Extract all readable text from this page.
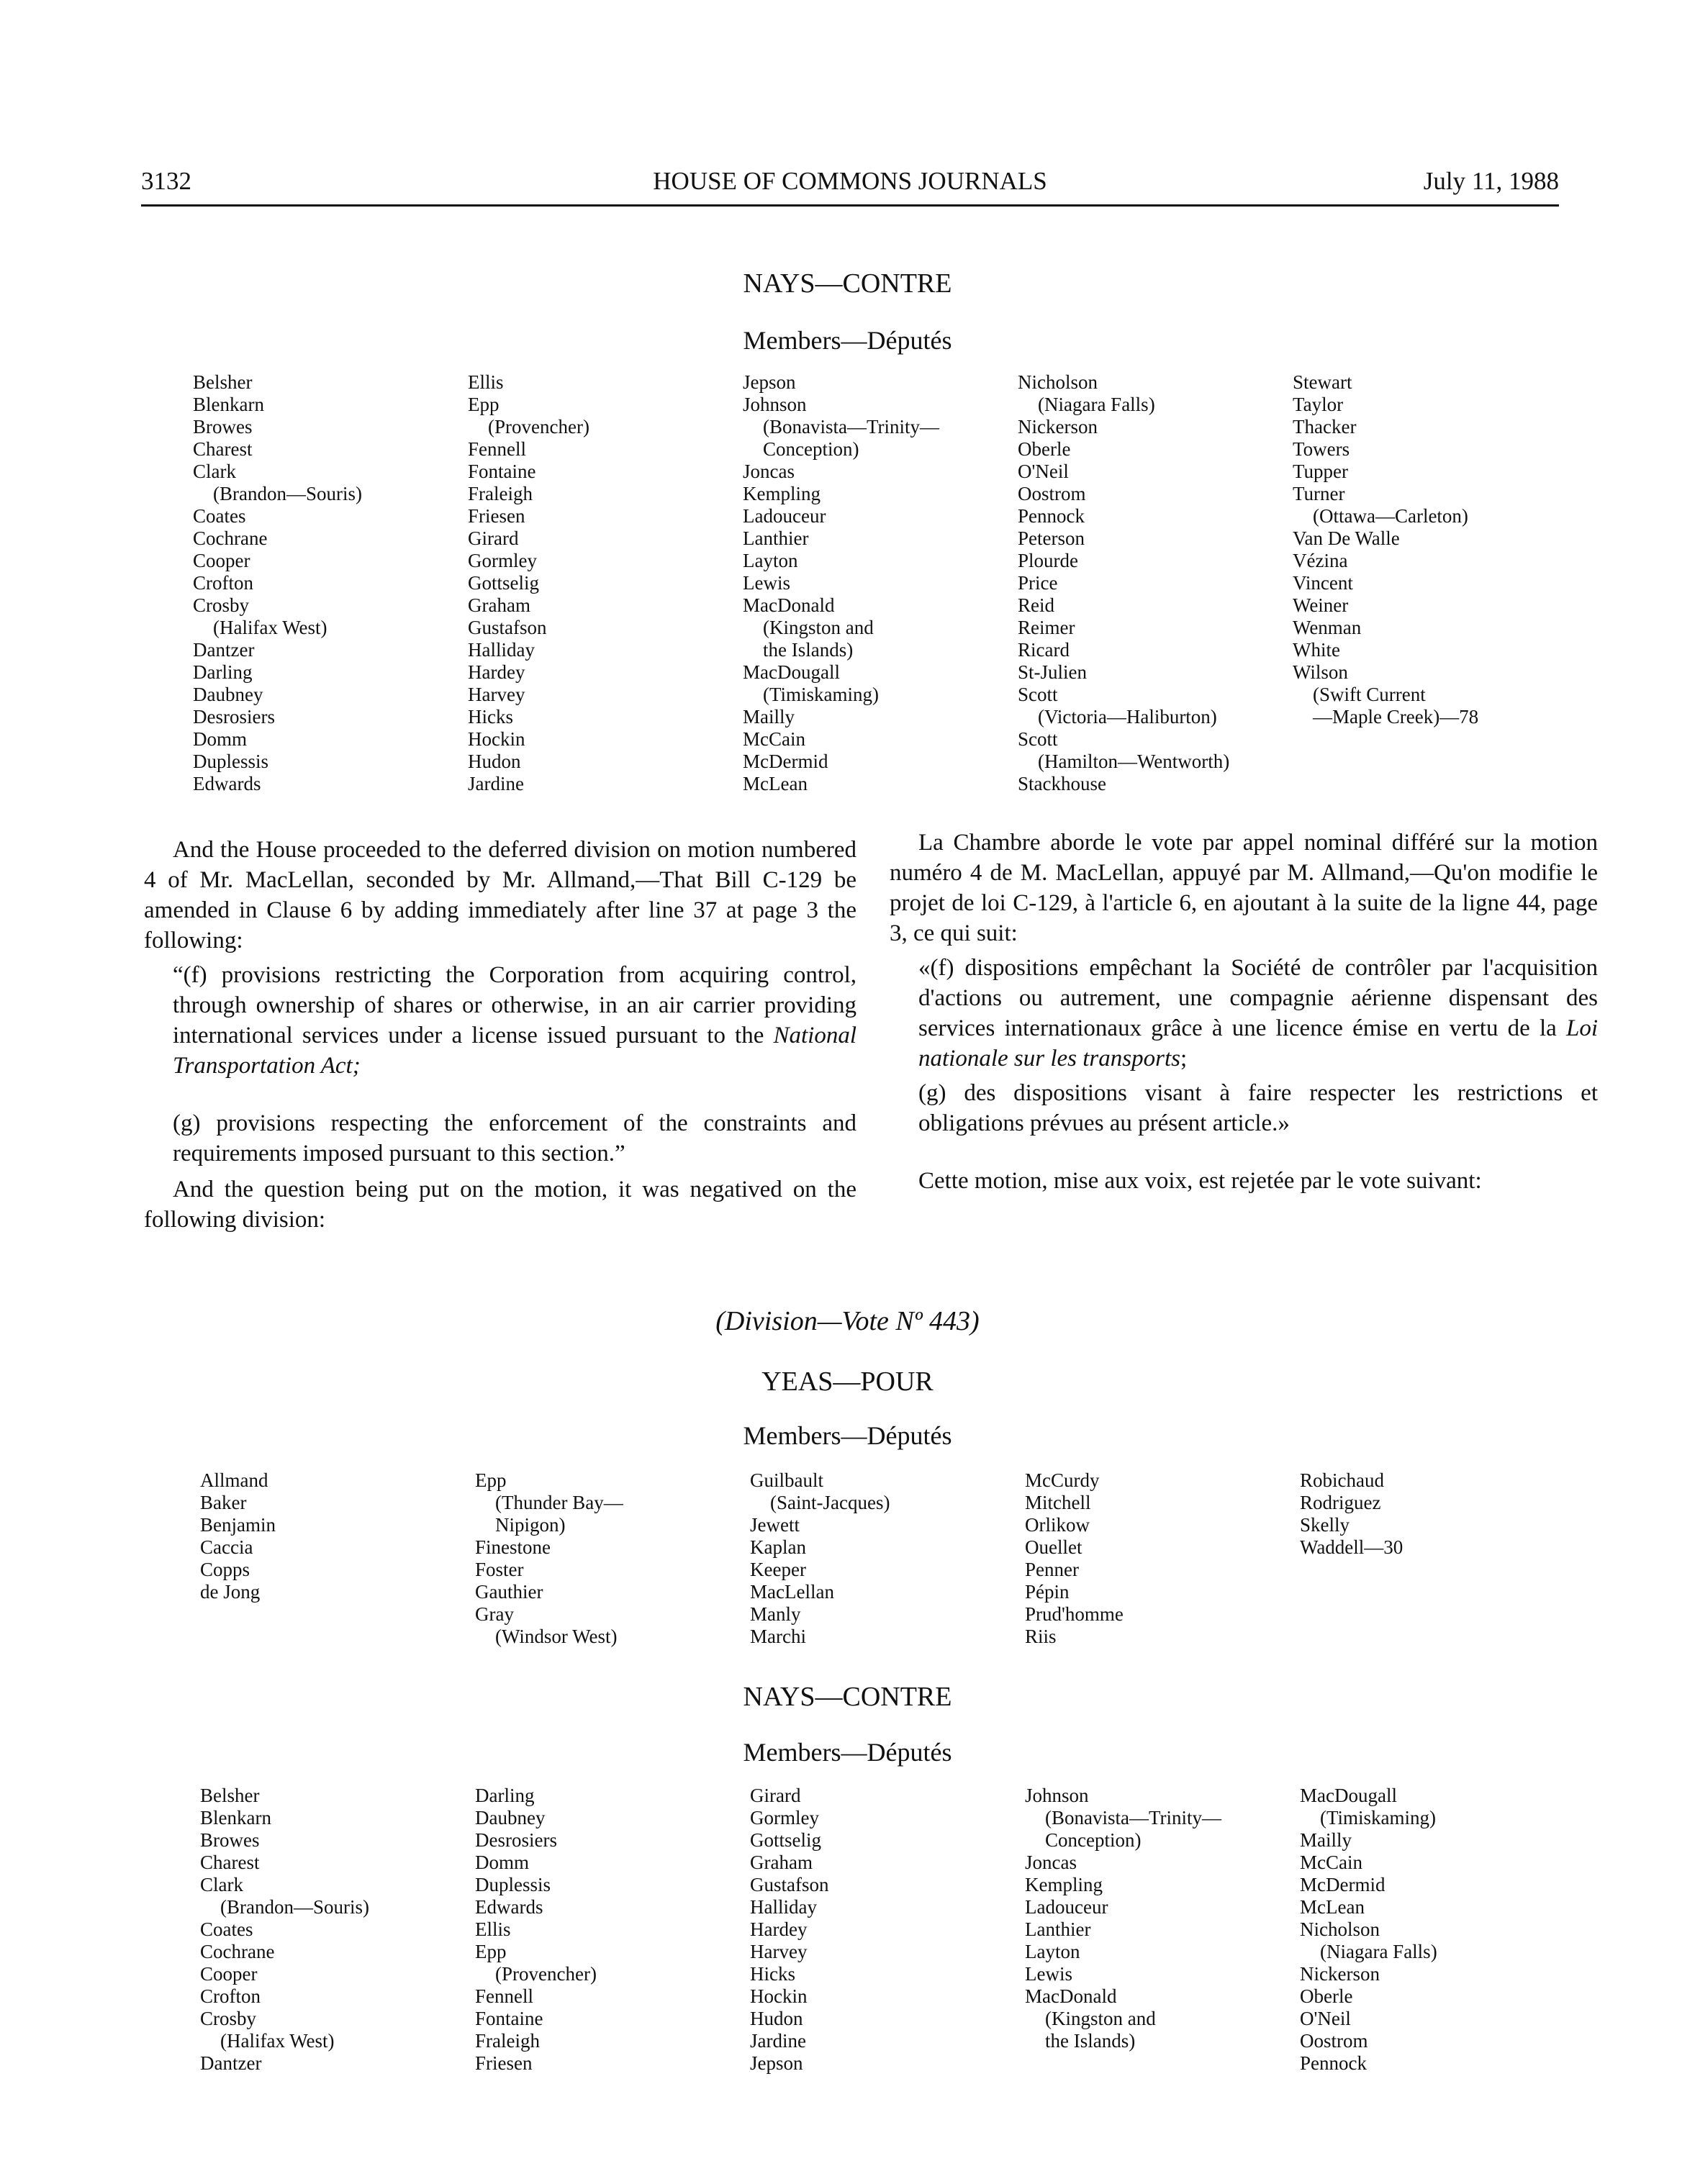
3132	HOUSE OF COMMONS JOURNALS	July 11, 1988
NAYS—CONTRE
Members—Députés
Belsher
Blenkarn
Browes
Charest
Clark
(Brandon—Souris)
Coates
Cochrane
Cooper
Crofton
Crosby
(Halifax West)
Dantzer
Darling
Daubney
Desrosiers
Domm
Duplessis
Edwards
Ellis
Epp
(Provencher)
Fennell
Fontaine
Fraleigh
Friesen
Girard
Gormley
Gottselig
Graham
Gustafson
Halliday
Hardey
Harvey
Hicks
Hockin
Hudon
Jardine
Jepson
Johnson
(Bonavista—Trinity—
Conception)
Joncas
Kempling
Ladouceur
Lanthier
Layton
Lewis
MacDonald
(Kingston and
the Islands)
MacDougall
(Timiskaming)
Mailly
McCain
McDermid
McLean
Nicholson
(Niagara Falls)
Nickerson
Oberle
O'Neil
Oostrom
Pennock
Peterson
Plourde
Price
Reid
Reimer
Ricard
St-Julien
Scott
(Victoria—Haliburton)
Scott
(Hamilton—Wentworth)
Stackhouse
Stewart
Taylor
Thacker
Towers
Tupper
Turner
(Ottawa—Carleton)
Van De Walle
Vézina
Vincent
Weiner
Wenman
White
Wilson
(Swift Current
—Maple Creek)—78

And the House proceeded to the deferred division on motion numbered 4 of Mr. MacLellan, seconded by Mr. Allmand,—That Bill C-129 be amended in Clause 6 by adding immediately after line 37 at page 3 the following:

“(f) provisions restricting the Corporation from acquiring control, through ownership of shares or otherwise, in an air carrier providing international services under a license issued pursuant to the National Transportation Act;

(g) provisions respecting the enforcement of the constraints and requirements imposed pursuant to this section.”

And the question being put on the motion, it was negatived on the following division:

La Chambre aborde le vote par appel nominal différé sur la motion numéro 4 de M. MacLellan, appuyé par M. Allmand,—Qu'on modifie le projet de loi C-129, à l'article 6, en ajoutant à la suite de la ligne 44, page 3, ce qui suit:

«(f) dispositions empêchant la Société de contrôler par l'acquisition d'actions ou autrement, une compagnie aérienne dispensant des services internationaux grâce à une licence émise en vertu de la Loi nationale sur les transports;

(g) des dispositions visant à faire respecter les restrictions et obligations prévues au présent article.»

Cette motion, mise aux voix, est rejetée par le vote suivant:

(Division—Vote Nº 443)
YEAS—POUR
Members—Députés
Allmand
Baker
Benjamin
Caccia
Copps
de Jong
Epp
(Thunder Bay—
Nipigon)
Finestone
Foster
Gauthier
Gray
(Windsor West)
Guilbault
(Saint-Jacques)
Jewett
Kaplan
Keeper
MacLellan
Manly
Marchi
McCurdy
Mitchell
Orlikow
Ouellet
Penner
Pépin
Prud'homme
Riis
Robichaud
Rodriguez
Skelly
Waddell—30
NAYS—CONTRE
Members—Députés
Belsher
Blenkarn
Browes
Charest
Clark
(Brandon—Souris)
Coates
Cochrane
Cooper
Crofton
Crosby
(Halifax West)
Dantzer
Darling
Daubney
Desrosiers
Domm
Duplessis
Edwards
Ellis
Epp
(Provencher)
Fennell
Fontaine
Fraleigh
Friesen
Girard
Gormley
Gottselig
Graham
Gustafson
Halliday
Hardey
Harvey
Hicks
Hockin
Hudon
Jardine
Jepson
Johnson
(Bonavista—Trinity—
Conception)
Joncas
Kempling
Ladouceur
Lanthier
Layton
Lewis
MacDonald
(Kingston and
the Islands)
MacDougall
(Timiskaming)
Mailly
McCain
McDermid
McLean
Nicholson
(Niagara Falls)
Nickerson
Oberle
O'Neil
Oostrom
Pennock
